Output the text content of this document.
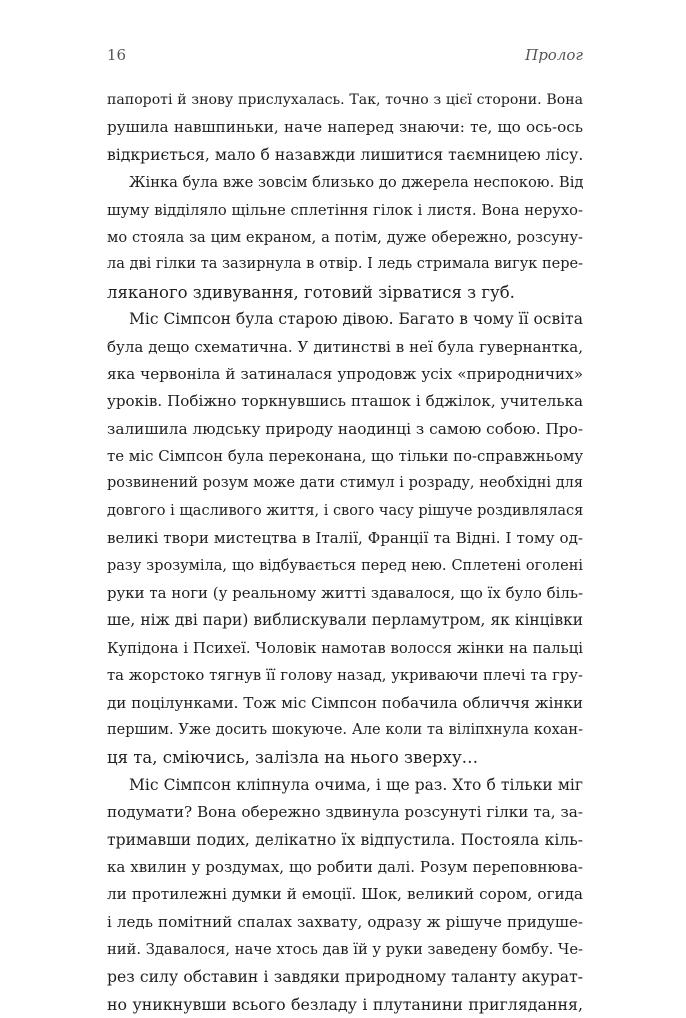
16	Пролог
папороті й знову прислухалась. Так, точно з цієї сторони. Вона
рушила навшпиньки, наче наперед знаючи: те, що ось-ось
відкриється, мало б назавжди лишитися таємницею лісу.
Жінка була вже зовсім близько до джерела неспокою. Від
шуму відділяло щільне сплетіння гілок і листя. Вона нерухо-
мо стояла за цим екраном, а потім, дуже обережно, розсуну-
ла дві гілки та зазирнула в отвір. І ледь стримала вигук пере-
ляканого здивування, готовий зірватися з губ.
Міс Сімпсон була старою дівою. Багато в чому її освіта
була дещо схематична. У дитинстві в неї була гувернантка,
яка червоніла й затиналася упродовж усіх «природничих»
уроків. Побіжно торкнувшись пташок і бджілок, учителька
залишила людську природу наодинці з самою собою. Про-
те міс Сімпсон була переконана, що тільки по-справжньому
розвинений розум може дати стимул і розраду, необхідні для
довгого і щасливого життя, і свого часу рішуче роздивлялася
великі твори мистецтва в Італії, Франції та Відні. І тому од-
разу зрозуміла, що відбувається перед нею. Сплетені оголені
руки та ноги (у реальному житті здавалося, що їх було біль-
ше, ніж дві пари) виблискували перламутром, як кінцівки
Купідона і Психеї. Чоловік намотав волосся жінки на пальці
та жорстоко тягнув її голову назад, укриваючи плечі та гру-
ди поцілунками. Тож міс Сімпсон побачила обличчя жінки
першим. Уже досить шокуюче. Але коли та віліпхнула кохан-
ця та, сміючись, залізла на нього зверху…
Міс Сімпсон кліпнула очима, і ще раз. Хто б тільки міг
подумати? Вона обережно здвинула розсунуті гілки та, за-
тримавши подих, делікатно їх відпустила. Постояла кіль-
ка хвилин у роздумах, що робити далі. Розум переповнюва-
ли протилежні думки й емоції. Шок, великий сором, огида
і ледь помітний спалах захвату, одразу ж рішуче придуше-
ний. Здавалося, наче хтось дав їй у руки заведену бомбу. Че-
рез силу обставин і завдяки природному таланту акурат-
но уникнувши всього безладу і плутанини приглядання,
